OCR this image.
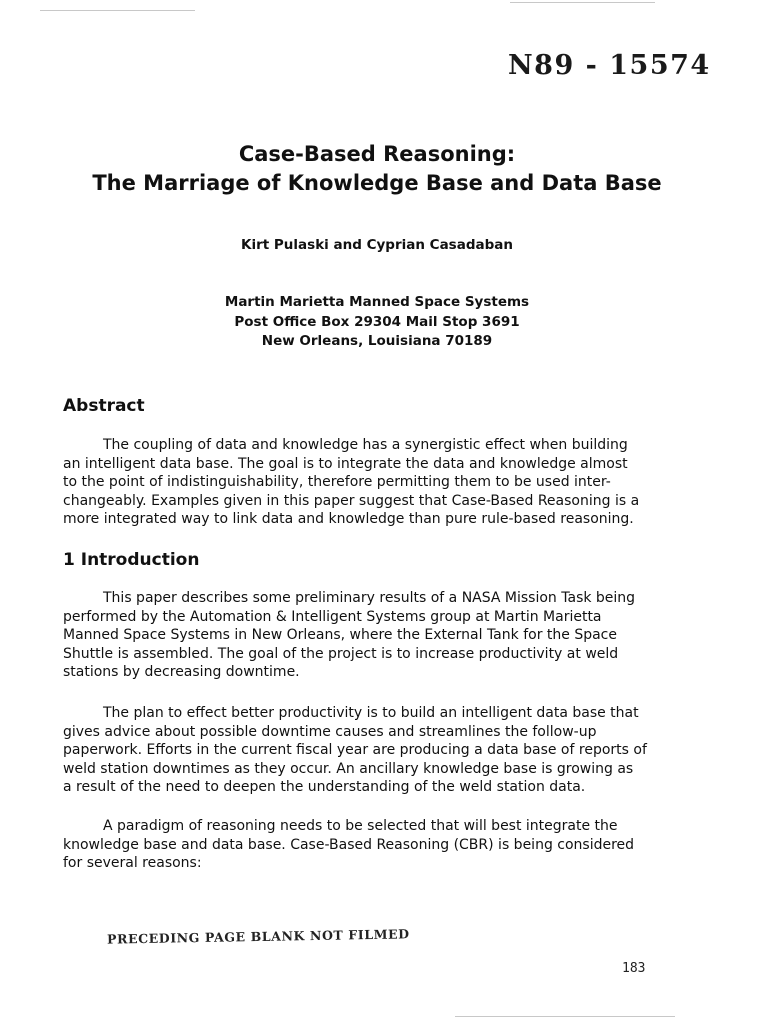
N89 - 15574
Case-Based Reasoning:
The Marriage of Knowledge Base and Data Base
Kirt Pulaski and Cyprian Casadaban
Martin Marietta Manned Space Systems
Post Office Box 29304 Mail Stop 3691
New Orleans, Louisiana 70189
Abstract
The coupling of data and knowledge has a synergistic effect when building
an intelligent data base. The goal is to integrate the data and knowledge almost
to the point of indistinguishability, therefore permitting them to be used inter-
changeably. Examples given in this paper suggest that Case-Based Reasoning is a
more integrated way to link data and knowledge than pure rule-based reasoning.
1 Introduction
This paper describes some preliminary results of a NASA Mission Task being
performed by the Automation & Intelligent Systems group at Martin Marietta
Manned Space Systems in New Orleans, where the External Tank for the Space
Shuttle is assembled. The goal of the project is to increase productivity at weld
stations by decreasing downtime.
The plan to effect better productivity is to build an intelligent data base that
gives advice about possible downtime causes and streamlines the follow-up
paperwork. Efforts in the current fiscal year are producing a data base of reports of
weld station downtimes as they occur. An ancillary knowledge base is growing as
a result of the need to deepen the understanding of the weld station data.
A paradigm of reasoning needs to be selected that will best integrate the
knowledge base and data base. Case-Based Reasoning (CBR) is being considered
for several reasons:
PRECEDING PAGE BLANK NOT FILMED
183
